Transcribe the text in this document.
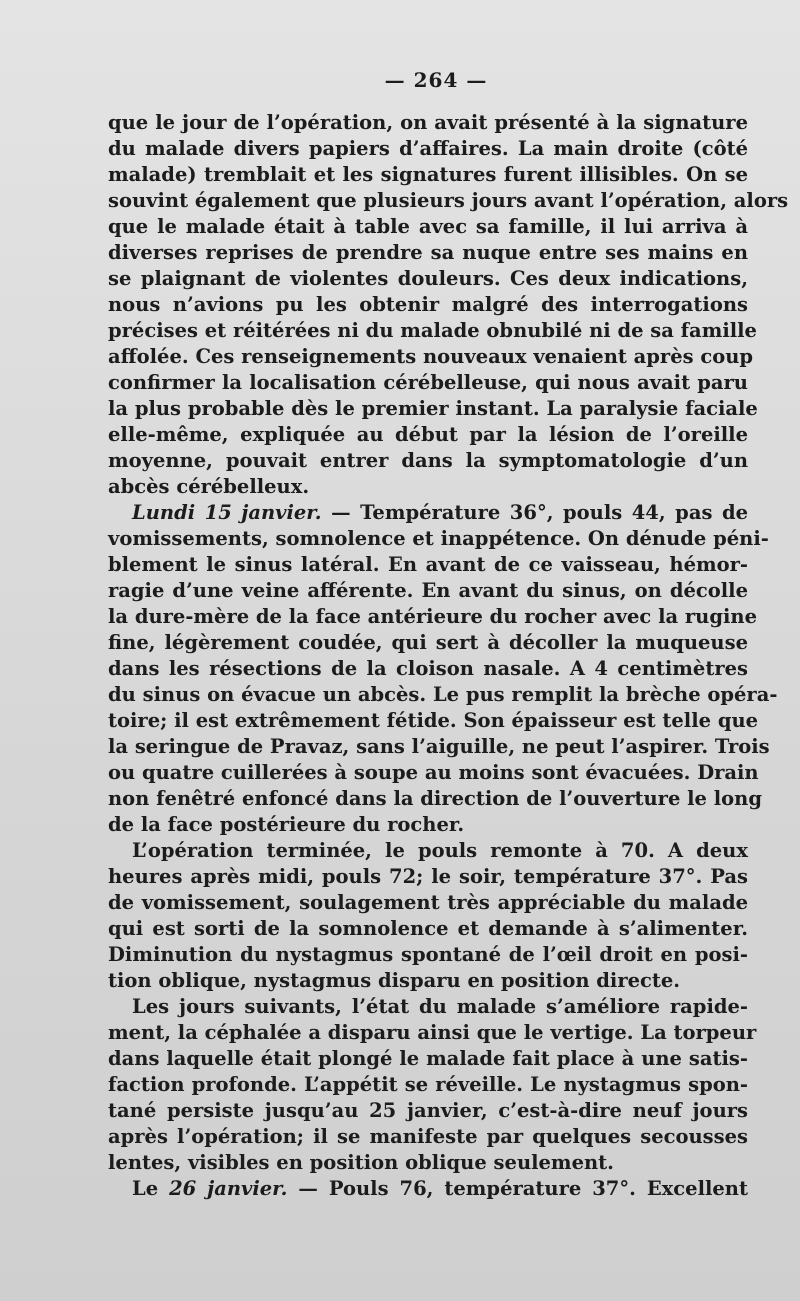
— 264 —
que le jour de l’opération, on avait présenté à la signature
du malade divers papiers d’affaires. La main droite (côté
malade) tremblait et les signatures furent illisibles. On se
souvint également que plusieurs jours avant l’opération, alors
que le malade était à table avec sa famille, il lui arriva à
diverses reprises de prendre sa nuque entre ses mains en
se plaignant de violentes douleurs. Ces deux indications,
nous n’avions pu les obtenir malgré des interrogations
précises et réitérées ni du malade obnubilé ni de sa famille
affolée. Ces renseignements nouveaux venaient après coup
confirmer la localisation cérébelleuse, qui nous avait paru
la plus probable dès le premier instant. La paralysie faciale
elle-même, expliquée au début par la lésion de l’oreille
moyenne, pouvait entrer dans la symptomatologie d’un
abcès cérébelleux.
Lundi 15 janvier. — Température 36°, pouls 44, pas de
vomissements, somnolence et inappétence. On dénude péni-
blement le sinus latéral. En avant de ce vaisseau, hémor-
ragie d’une veine afférente. En avant du sinus, on décolle
la dure-mère de la face antérieure du rocher avec la rugine
fine, légèrement coudée, qui sert à décoller la muqueuse
dans les résections de la cloison nasale. A 4 centimètres
du sinus on évacue un abcès. Le pus remplit la brèche opéra-
toire; il est extrêmement fétide. Son épaisseur est telle que
la seringue de Pravaz, sans l’aiguille, ne peut l’aspirer. Trois
ou quatre cuillerées à soupe au moins sont évacuées. Drain
non fenêtré enfoncé dans la direction de l’ouverture le long
de la face postérieure du rocher.
L’opération terminée, le pouls remonte à 70. A deux
heures après midi, pouls 72; le soir, température 37°. Pas
de vomissement, soulagement très appréciable du malade
qui est sorti de la somnolence et demande à s’alimenter.
Diminution du nystagmus spontané de l’œil droit en posi-
tion oblique, nystagmus disparu en position directe.
Les jours suivants, l’état du malade s’améliore rapide-
ment, la céphalée a disparu ainsi que le vertige. La torpeur
dans laquelle était plongé le malade fait place à une satis-
faction profonde. L’appétit se réveille. Le nystagmus spon-
tané persiste jusqu’au 25 janvier, c’est-à-dire neuf jours
après l’opération; il se manifeste par quelques secousses
lentes, visibles en position oblique seulement.
Le 26 janvier. — Pouls 76, température 37°. Excellent
